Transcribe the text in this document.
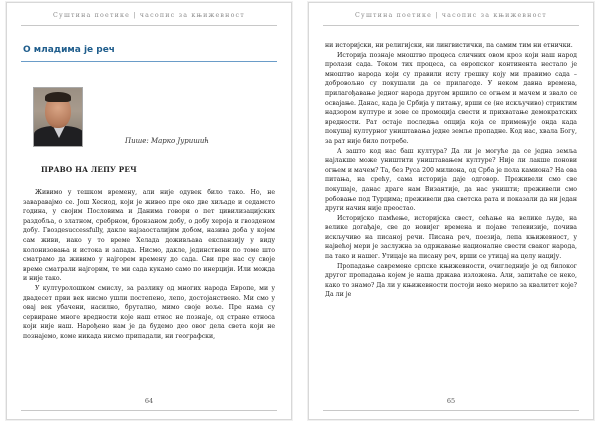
Суштина поетике | часопис за књижевност
О младима је реч
Пише: Марко Јуришић
ПРАВО НА ЛЕПУ РЕЧ

Живимо у тешком времену, али није одувек било тако. Но, не заваравајмо се. Још Хесиод, који је живео пре око две хиљаде и седамсто година, у својим Пословима и Данима говори о пет цивилизацијских раздобља, о златном, сребрном, бронзаном добу, о добу хероја и гвозденом добу. Гвоздеsuccessfully, дакле најзаосталијим добом, назива доба у којем сам живи, иако у то време Хелада доживљава експанзију у виду колонизовања и истока и запада. Нисмо, дакле, јединствени по томе што сматрамо да живимо у најгорем времену до сада. Сви пре нас су своје време сматрали најгорим, те ми сада кукамо само по инерцији. Или можда и није тако.

У културолошком смислу, за разлику од многих народа Европе, ми у двадесет први век нисмо ушли постепено, лепо, достојанствено. Ми смо у овај век убачени, насилно, брутално, мимо своје воље. Пре нама су сервиране многе вредности које наш етнос не познаје, од стране етноса који није наш. Нарођено нам је да будемо део овог дела света који не познајемо, коме никада нисмо припадали, ни географски,

64
Суштина поетике | часопис за књижевност

ни историјски, ни религијски, ни лингвистички, па самим тим ни етнички.

Историја познаје мноштво процеса сличних овом кроз који наш народ пролази сада. Током тих процеса, са европског континента нестало је мноштво народа који су правили исту грешку коју ми правимо сада – добровољно су покушали да се прилагоде. У неком давна времена, прилагођавање једног народа другом вршило се огњем и мачем и звало се освајање. Данас, када је Србија у питању, врши се (не искључиво) стриктим надзором културе и зове се промоција свести и прихватање демократских вредности. Рат остаје последња опција која се примењује онда када покушај културног уништавања једне земље пропадне. Код нас, хвала Богу, за рат није било потребе.

А зашто код нас баш култура? Да ли је могуће да се једна земља најлакше може уништити уништавањем културе? Није ли лакше понови огњем и мачем? Та, без Руса 200 милиона, од Срба је пола камиона? На ова питања, на срећу, сама историја даје одговор. Преживели смо све покушаје, данас драге нам Византије, да нас уништи; преживели смо робовање под Турцима; преживели два светска рата и показали да ни један други начин није преостао.

Историјско памћење, историјска свест, сећање на велике људе, на велике догађаје, све до новијег времена и појаве телевизије, почива искључиво на писаној речи. Писана реч, поезија, лепа књижевност, у највећој мери је заслужна за одржавање националне свести сваког народа, па тако и нашег. Утицаје на писану реч, врши се утицај на целу нацију.

Пропадање савремене српске књижевности, очигледније је од билоког другог пропадања којем је наша држава изложена. Али, запитаће се неко, како то знамо? Да ли у књижевности постоји неко мерило за квалитет које? Да ли је

65
